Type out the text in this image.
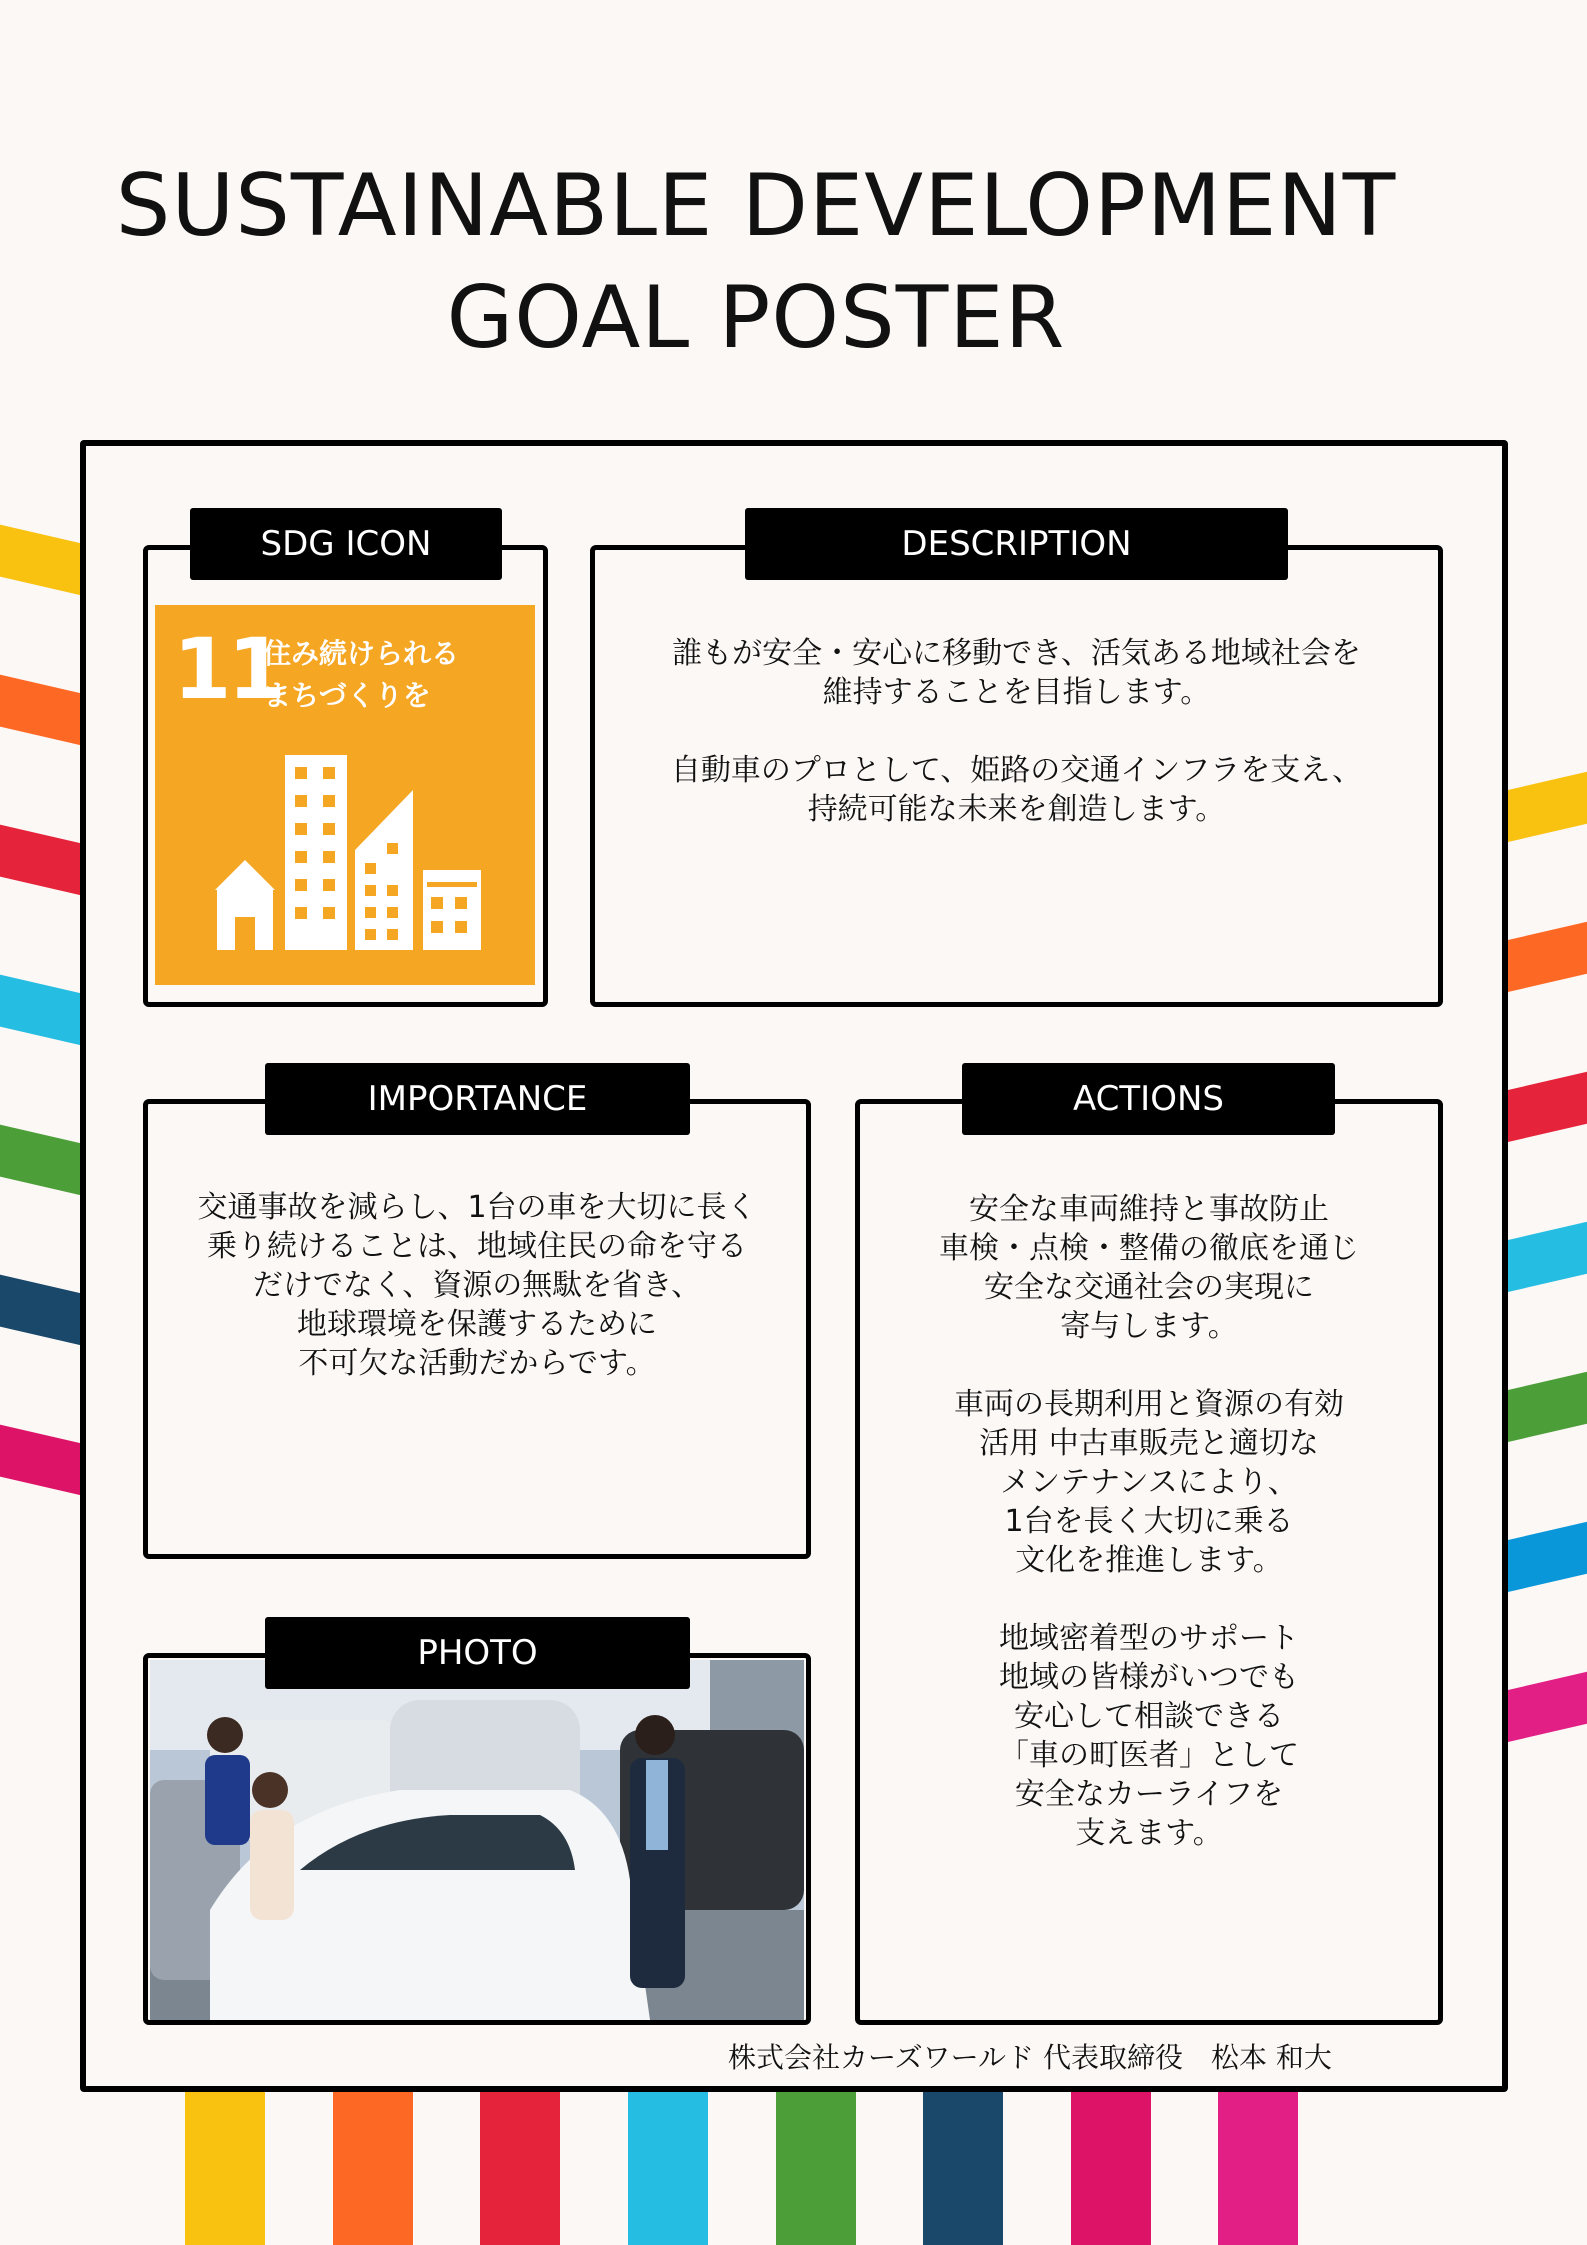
SUSTAINABLE DEVELOPMENT
GOAL POSTER
11
住み続けられる
まちづくりを
SDG ICON	DESCRIPTION
誰もが安全・安心に移動でき、活気ある地域社会を
維持することを目指します。

自動車のプロとして、姫路の交通インフラを支え、
持続可能な未来を創造します。
IMPORTANCE
交通事故を減らし、1台の車を大切に長く
乗り続けることは、地域住民の命を守る
だけでなく、資源の無駄を省き、
地球環境を保護するために
不可欠な活動だからです。
ACTIONS
安全な車両維持と事故防止
車検・点検・整備の徹底を通じ
安全な交通社会の実現に
寄与します。

車両の長期利用と資源の有効
活用 中古車販売と適切な
メンテナンスにより、
1台を長く大切に乗る
文化を推進します。

地域密着型のサポート
地域の皆様がいつでも
安心して相談できる
「車の町医者」として
安全なカーライフを
支えます。
PHOTO
株式会社カーズワールド 代表取締役　松本 和大
